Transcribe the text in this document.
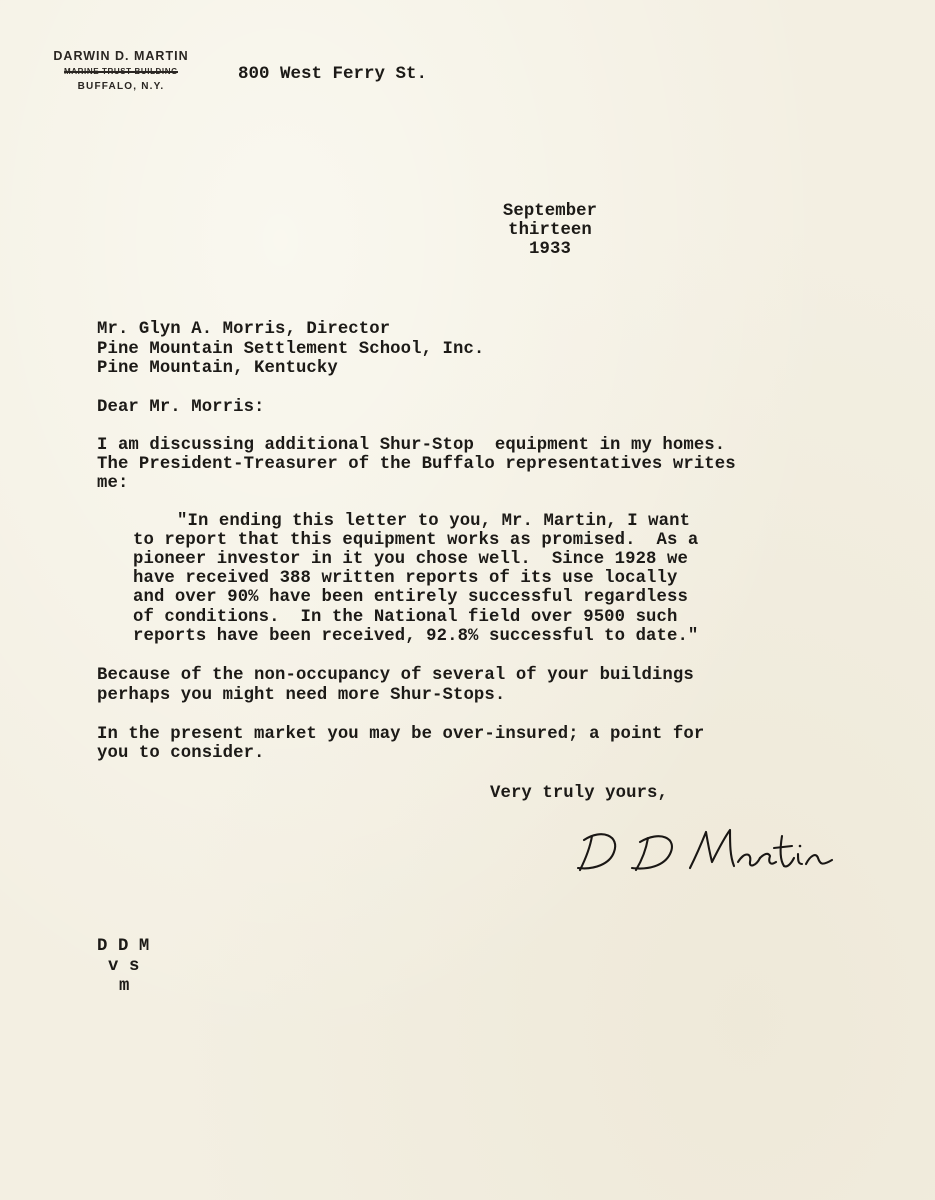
DARWIN D. MARTIN
MARINE TRUST BUILDING
BUFFALO, N.Y.
800 West Ferry St.
September
thirteen
1933
Mr. Glyn A. Morris, Director
Pine Mountain Settlement School, Inc.
Pine Mountain, Kentucky
Dear Mr. Morris:
I am discussing additional Shur-Stop  equipment in my homes.
The President-Treasurer of the Buffalo representatives writes
me:
"In ending this letter to you, Mr. Martin, I want
to report that this equipment works as promised.  As a
pioneer investor in it you chose well.  Since 1928 we
have received 388 written reports of its use locally
and over 90% have been entirely successful regardless
of conditions.  In the National field over 9500 such
reports have been received, 92.8% successful to date."
Because of the non-occupancy of several of your buildings
perhaps you might need more Shur-Stops.
In the present market you may be over-insured; a point for
you to consider.
Very truly yours,
D D M
v s
m
